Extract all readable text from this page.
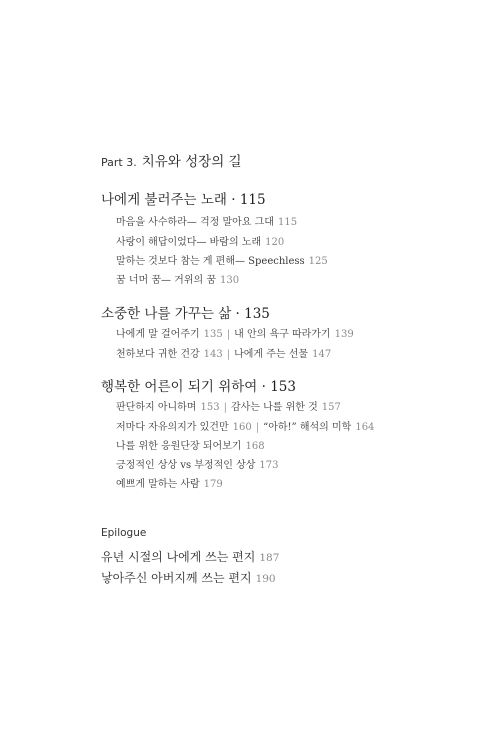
Part 3. 치유와 성장의 길
나에게 불러주는 노래 · 115
마음을 사수하라— 걱정 말아요 그대 115
사랑이 해답이었다— 바람의 노래 120
말하는 것보다 참는 게 편해— Speechless 125
꿈 너머 꿈— 거위의 꿈 130
소중한 나를 가꾸는 삶 · 135
나에게 말 걸어주기 135 | 내 안의 욕구 따라가기 139
천하보다 귀한 건강 143 | 나에게 주는 선물 147
행복한 어른이 되기 위하여 · 153
판단하지 아니하며 153 | 감사는 나를 위한 것 157
저마다 자유의지가 있건만 160 | “아하!” 해석의 미학 164
나를 위한 응원단장 되어보기 168
긍정적인 상상 vs 부정적인 상상 173
예쁘게 말하는 사람 179
Epilogue
유년 시절의 나에게 쓰는 편지 187
낳아주신 아버지께 쓰는 편지 190
